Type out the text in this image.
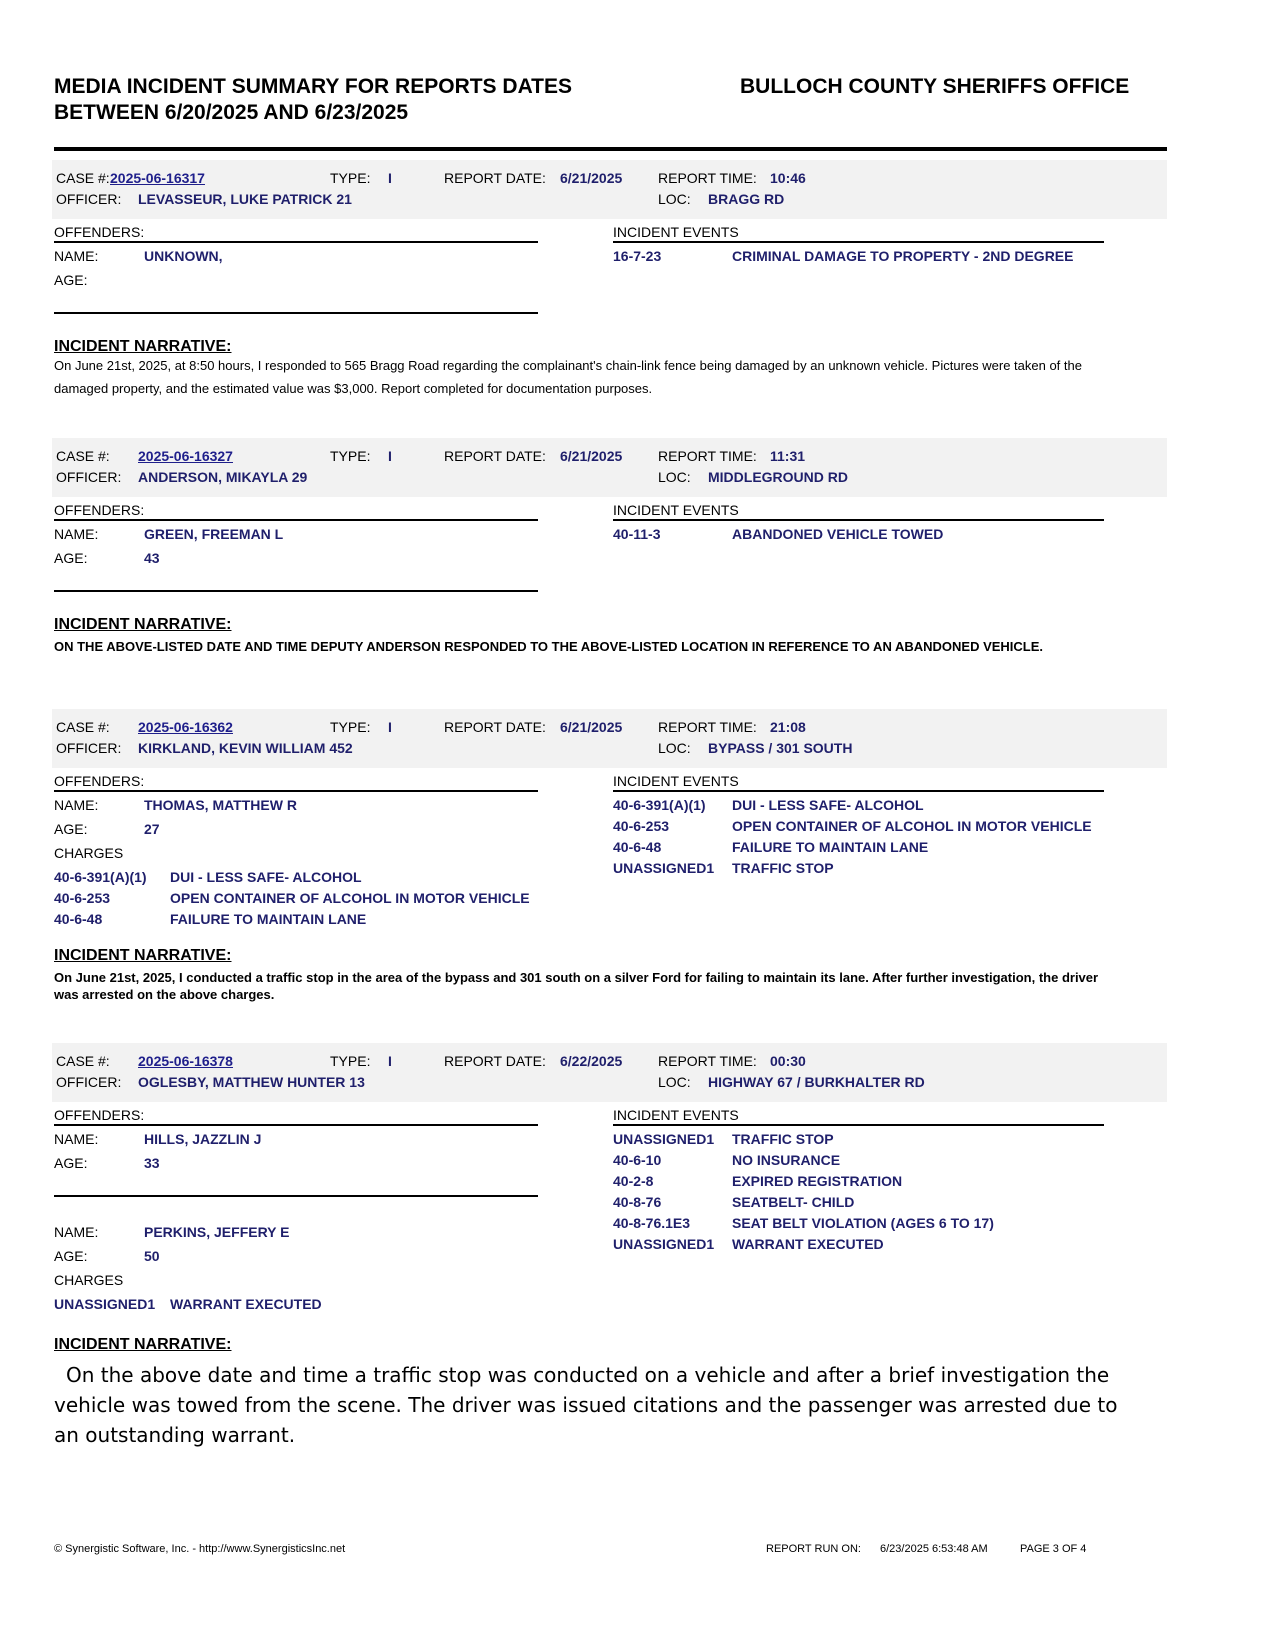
MEDIA INCIDENT SUMMARY FOR REPORTS DATES
BETWEEN 6/20/2025 AND 6/23/2025
BULLOCH COUNTY SHERIFFS OFFICE
CASE #: 2025-06-16317	TYPE: I	REPORT DATE: 6/21/2025	REPORT TIME: 10:46
OFFICER: LEVASSEUR, LUKE PATRICK 21	LOC: BRAGG RD
OFFENDERS:
NAME:	UNKNOWN,
AGE:
INCIDENT EVENTS
16-7-23	CRIMINAL DAMAGE TO PROPERTY - 2ND DEGREE
INCIDENT NARRATIVE:
On June 21st, 2025, at 8:50 hours, I responded to 565 Bragg Road regarding the complainant's chain-link fence being damaged by an unknown vehicle. Pictures were taken of the damaged property, and the estimated value was $3,000. Report completed for documentation purposes.
CASE #: 2025-06-16327	TYPE: I	REPORT DATE: 6/21/2025	REPORT TIME: 11:31
OFFICER: ANDERSON, MIKAYLA 29	LOC: MIDDLEGROUND RD
OFFENDERS:
NAME:	GREEN, FREEMAN L
AGE:	43
INCIDENT EVENTS
40-11-3	ABANDONED VEHICLE TOWED
INCIDENT NARRATIVE:
ON THE ABOVE-LISTED DATE AND TIME DEPUTY ANDERSON RESPONDED TO THE ABOVE-LISTED LOCATION IN REFERENCE TO AN ABANDONED VEHICLE.
CASE #: 2025-06-16362	TYPE: I	REPORT DATE: 6/21/2025	REPORT TIME: 21:08
OFFICER: KIRKLAND, KEVIN WILLIAM 452	LOC: BYPASS / 301 SOUTH
OFFENDERS:
NAME:	THOMAS, MATTHEW R
AGE:	27
CHARGES
40-6-391(A)(1) DUI - LESS SAFE- ALCOHOL
40-6-253	OPEN CONTAINER OF ALCOHOL IN MOTOR VEHICLE
40-6-48	FAILURE TO MAINTAIN LANE
INCIDENT EVENTS
40-6-391(A)(1) DUI - LESS SAFE- ALCOHOL
40-6-253	OPEN CONTAINER OF ALCOHOL IN MOTOR VEHICLE
40-6-48	FAILURE TO MAINTAIN LANE
UNASSIGNED1 TRAFFIC STOP
INCIDENT NARRATIVE:
On June 21st, 2025, I conducted a traffic stop in the area of the bypass and 301 south on a silver Ford for failing to maintain its lane. After further investigation, the driver was arrested on the above charges.
CASE #: 2025-06-16378	TYPE: I	REPORT DATE: 6/22/2025	REPORT TIME: 00:30
OFFICER: OGLESBY, MATTHEW HUNTER 13	LOC: HIGHWAY 67 / BURKHALTER RD
OFFENDERS:
NAME:	HILLS, JAZZLIN J
AGE:	33
NAME:	PERKINS, JEFFERY E
AGE:	50
CHARGES
UNASSIGNED1 WARRANT EXECUTED
INCIDENT EVENTS
UNASSIGNED1 TRAFFIC STOP
40-6-10	NO INSURANCE
40-2-8	EXPIRED REGISTRATION
40-8-76	SEATBELT- CHILD
40-8-76.1E3	SEAT BELT VIOLATION (AGES 6 TO 17)
UNASSIGNED1 WARRANT EXECUTED
INCIDENT NARRATIVE:
On the above date and time a traffic stop was conducted on a vehicle and after a brief investigation the vehicle was towed from the scene. The driver was issued citations and the passenger was arrested due to an outstanding warrant.
© Synergistic Software, Inc. - http://www.SynergisticsInc.net	REPORT RUN ON: 6/23/2025 6:53:48 AM	PAGE 3 OF 4
